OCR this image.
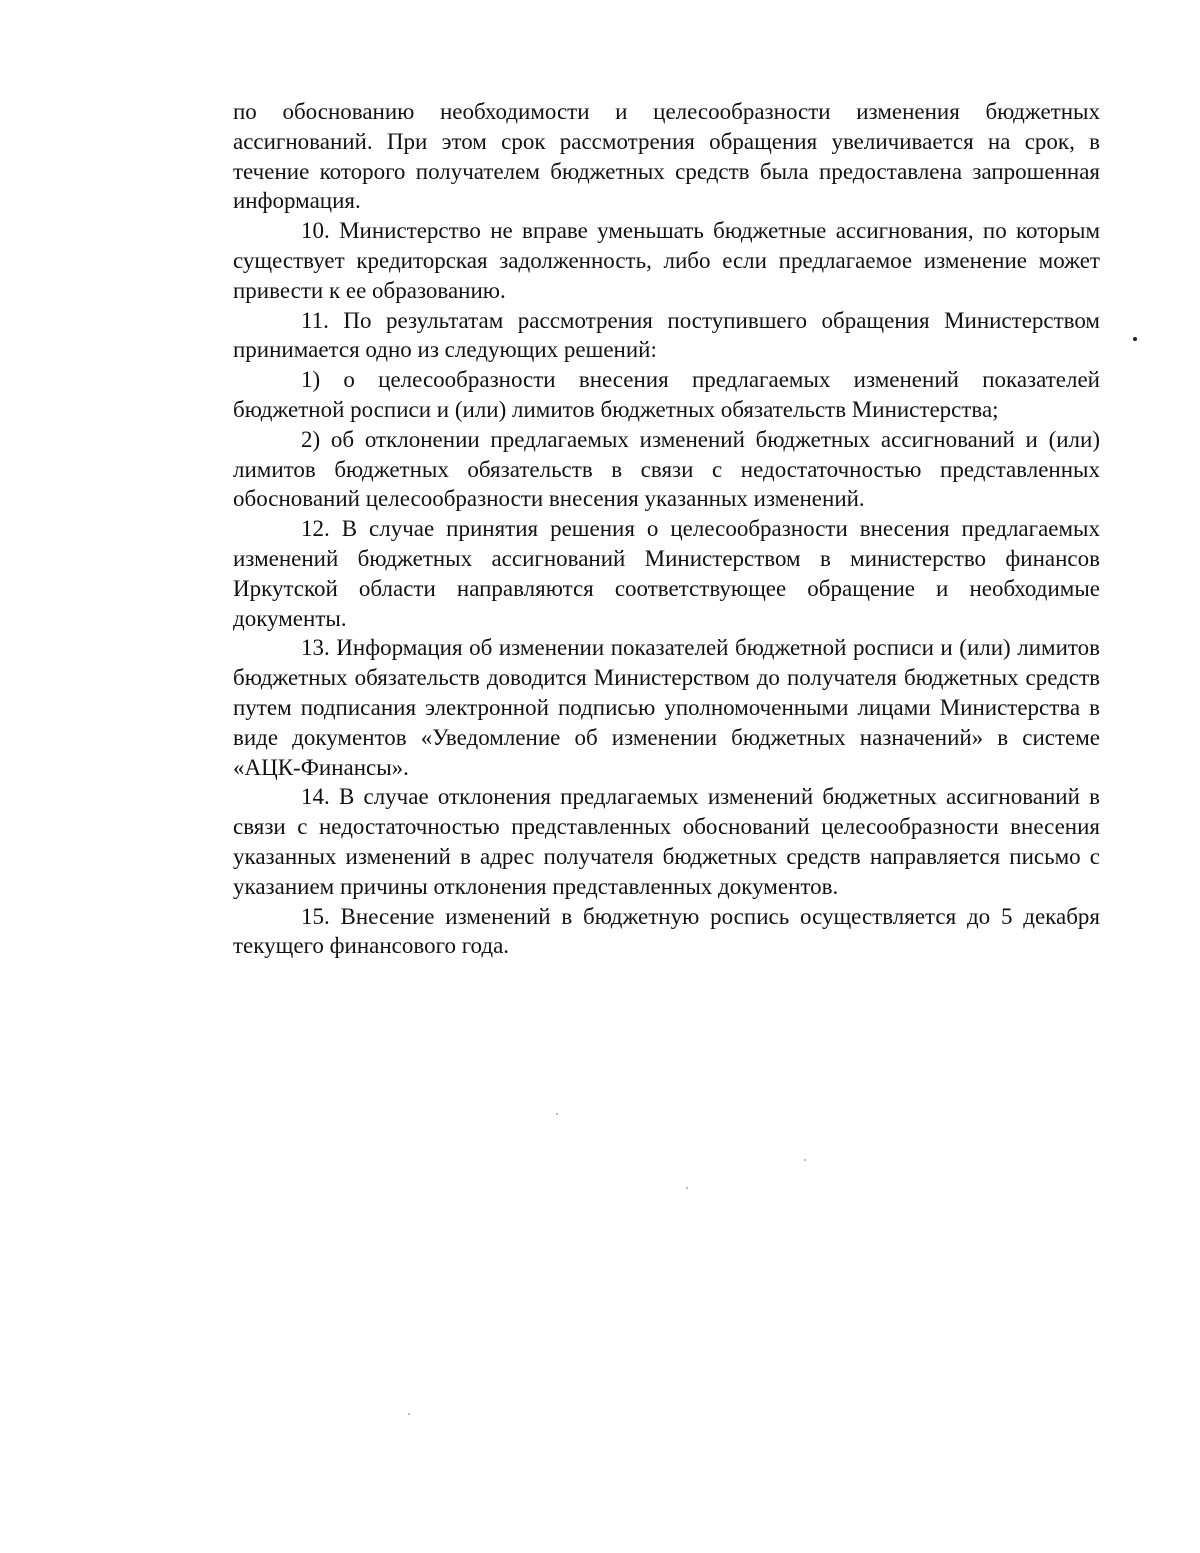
по обоснованию необходимости и целесообразности изменения бюджетных ассигнований. При этом срок рассмотрения обращения увеличивается на срок, в течение которого получателем бюджетных средств была предоставлена запрошенная информация.

10. Министерство не вправе уменьшать бюджетные ассигнования, по которым существует кредиторская задолженность, либо если предлагаемое изменение может привести к ее образованию.

11. По результатам рассмотрения поступившего обращения Министерством принимается одно из следующих решений:

1) о целесообразности внесения предлагаемых изменений показателей бюджетной росписи и (или) лимитов бюджетных обязательств Министерства;

2) об отклонении предлагаемых изменений бюджетных ассигнований и (или) лимитов бюджетных обязательств в связи с недостаточностью представленных обоснований целесообразности внесения указанных изменений.

12. В случае принятия решения о целесообразности внесения предлагаемых изменений бюджетных ассигнований Министерством в министерство финансов Иркутской области направляются соответствующее обращение и необходимые документы.

13. Информация об изменении показателей бюджетной росписи и (или) лимитов бюджетных обязательств доводится Министерством до получателя бюджетных средств путем подписания электронной подписью уполномоченными лицами Министерства в виде документов «Уведомление об изменении бюджетных назначений» в системе «АЦК-Финансы».

14. В случае отклонения предлагаемых изменений бюджетных ассигнований в связи с недостаточностью представленных обоснований целесообразности внесения указанных изменений в адрес получателя бюджетных средств направляется письмо с указанием причины отклонения представленных документов.

15. Внесение изменений в бюджетную роспись осуществляется до 5 декабря текущего финансового года.
